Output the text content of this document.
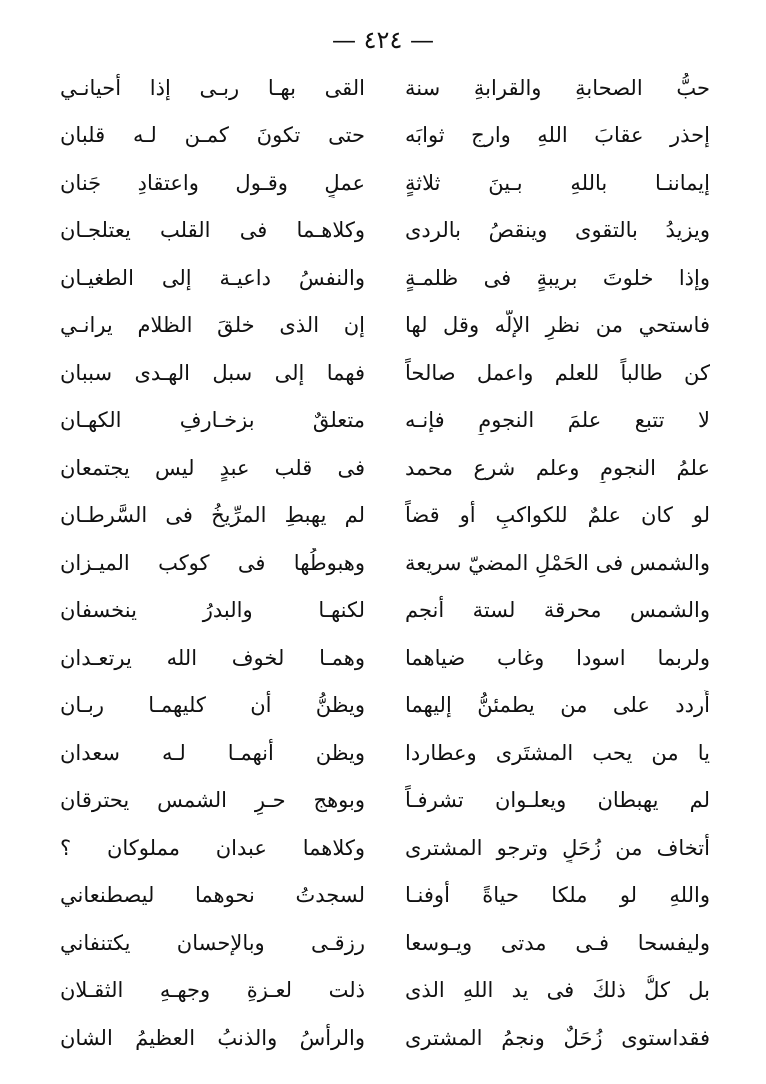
— ٤٢٤ —
حبُّ الصحابةِ والقرابةِ سنة
القى بهـا ربـى إذا أحيانـي
إحذر عقابَ اللهِ وارج ثوابَه
حتى تكونَ كمـن لـه قلبان
إيماننـا باللهِ بـينَ ثلاثةٍ
عملٍ وقـول واعتقادِ جَنان
ويزيدُ بالتقوى وينقصُ بالردى
وكلاهـما فى القلب يعتلجـان
وإذا خلوتَ بريبةٍ فى ظلمـةٍ
والنفسُ داعيـة إلى الطغيـان
فاستحي من نظرِ الإلّه وقل لها
إن الذى خلقَ الظلام يرانـي
كن طالباً للعلم واعمل صالحاً
فهما إلى سبل الهـدى سببان
لا تتبع علمَ النجومِ فإنـه
متعلقٌ بزخـارفِ الكهـان
علمُ النجومِ وعلم شرع محمد
فى قلب عبدٍ ليس يجتمعان
لو كان علمٌ للكواكبِ أو قضاً
لم يهبطِ المرِّيخُ فى السَّرطـان
والشمس فى الحَمْلِ المضيّ سريعة
وهبوطُها فى كوكب الميـزان
والشمس محرقة لستة أنجم
لكنهـا والبدرُ ينخسفان
ولربما اسودا وغاب ضياهما
وهمـا لخوف الله يرتعـدان
أَردد على من يطمئنُّ إليهما
ويظنُّ أن كليهمـا ربـان
يا من يحب المشتَرى وعطاردا
ويظن أنهمـا لـه سعدان
لم يهبطان ويعلـوان تشرفـاً
وبوهج حـرِ الشمس يحترقان
أتخاف من زُحَلٍ وترجو المشترى
وكلاهما عبدان مملوكان ؟
واللهِ لو ملكا حياةً أوفنـا
لسجدتُ نحوهما ليصطنعاني
وليفسحا فـى مدتى ويـوسعا
رزقـى وبالإحسان يكتنفاني
بل كلُّ ذلكَ فى يد اللهِ الذى
ذلت لعـزةِ وجهـهِ الثقـلان
فقداستوى زُحَلٌ ونجمُ المشترى
والرأسُ والذنبُ العظيمُ الشان
